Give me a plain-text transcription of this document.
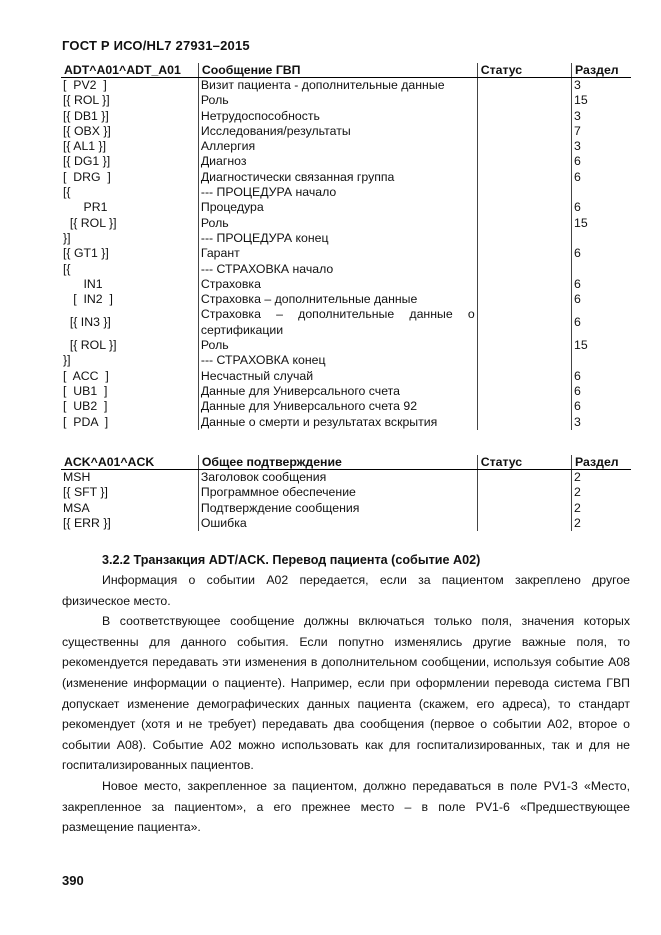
ГОСТ Р ИСО/HL7 27931–2015
ADT^A01^ADT_A01	Сообщение ГВП	Статус	Раздел
[  PV2  ]	Визит пациента - дополнительные данные		3
[{ ROL }]	Роль		15
[{ DB1 }]	Нетрудоспособность		3
[{ OBX }]	Исследования/результаты		7
[{ AL1 }]	Аллергия		3
[{ DG1 }]	Диагноз		6
[  DRG  ]	Диагностически связанная группа		6
[{	--- ПРОЦЕДУРА начало		
PR1	Процедура		6
[{ ROL }]	Роль		15
}]	--- ПРОЦЕДУРА конец		
[{ GT1 }]	Гарант		6
[{	--- СТРАХОВКА начало		
IN1	Страховка		6
[  IN2  ]	Страховка – дополнительные данные		6
[{ IN3 }]	Страховка – дополнительные данные о сертификации		6
[{ ROL }]	Роль		15
}]	--- СТРАХОВКА конец		
[  ACC  ]	Несчастный случай		6
[  UB1  ]	Данные для Универсального счета		6
[  UB2  ]	Данные для Универсального счета 92		6
[  PDA  ]	Данные о смерти и результатах вскрытия		3
ACK^A01^ACK	Общее подтверждение	Статус	Раздел
MSH	Заголовок сообщения		2
[{ SFT }]	Программное обеспечение		2
MSA	Подтверждение сообщения		2
[{ ERR }]	Ошибка		2
3.2.2 Транзакция ADT/ACK. Перевод пациента (событие A02)

Информация о событии A02 передается, если за пациентом закреплено другое физическое место.

В соответствующее сообщение должны включаться только поля, значения которых существенны для данного события. Если попутно изменялись другие важные поля, то рекомендуется передавать эти изменения в дополнительном сообщении, используя событие A08 (изменение информации о пациенте). Например, если при оформлении перевода система ГВП допускает изменение демографических данных пациента (скажем, его адреса), то стандарт рекомендует (хотя и не требует) передавать два сообщения (первое о событии A02, второе о событии A08). Событие A02 можно использовать как для госпитализированных, так и для не госпитализированных пациентов.

Новое место, закрепленное за пациентом, должно передаваться в поле PV1-3 «Место, закрепленное за пациентом», а его прежнее место – в поле PV1-6 «Предшествующее размещение пациента».

390
